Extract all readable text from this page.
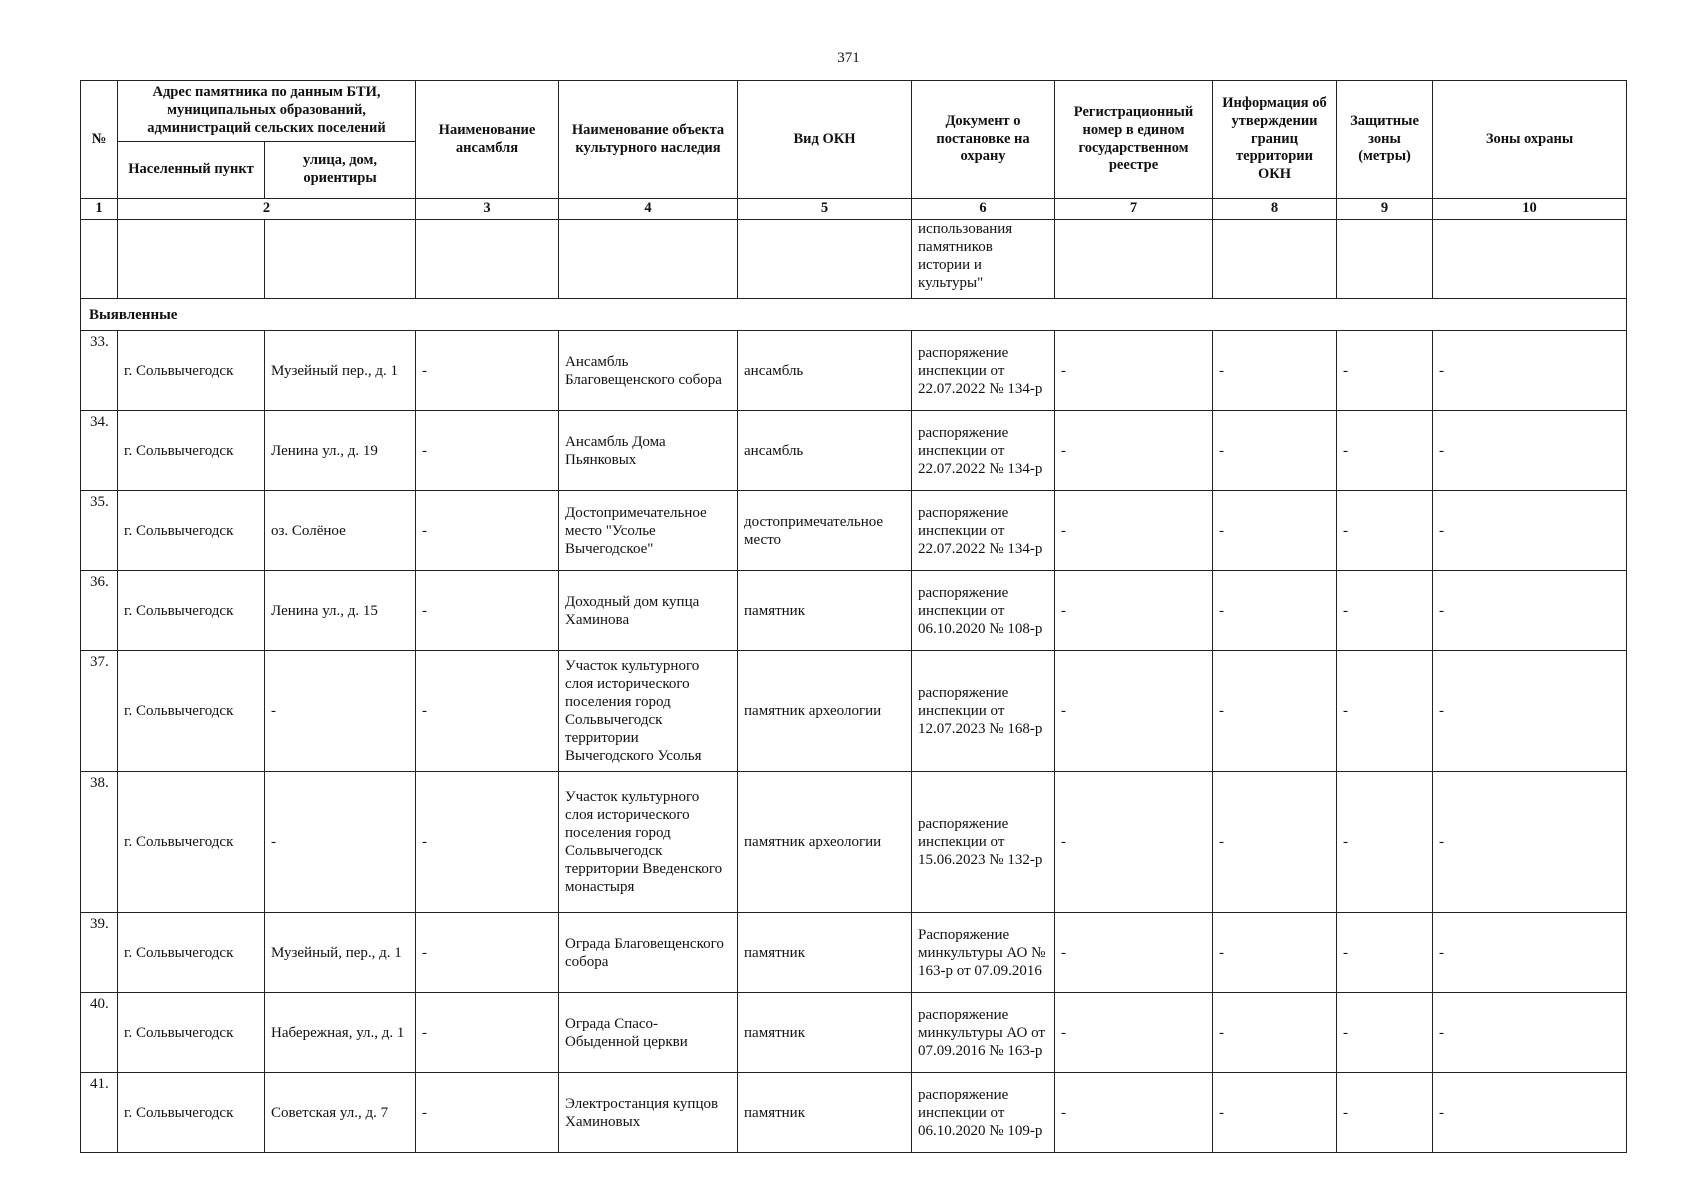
371
№	Адрес памятника по данным БТИ, муниципальных образований, администраций сельских поселений		Наименование ансамбля	Наименование объекта культурного наследия	Вид ОКН	Документ о постановке на охрану	Регистрационный номер в едином государственном реестре	Информация об утверждении границ территории ОКН	Защитные зоны (метры)	Зоны охраны
	Населенный пункт	улица, дом, ориентиры								
1	2		3	4	5	6	7	8	9	10
						использования памятников истории и культуры"				
Выявленные										

33.	г. Сольвычегодск	Музейный пер., д. 1	-	Ансамбль Благовещенского собора	ансамбль	распоряжение инспекции от 22.07.2022 № 134-р	-	-	-	-

34.	г. Сольвычегодск	Ленина ул., д. 19	-	Ансамбль Дома Пьянковых	ансамбль	распоряжение инспекции от 22.07.2022 № 134-р	-	-	-	-

35.	г. Сольвычегодск	оз. Солёное	-	Достопримечательное место "Усолье Вычегодское"	достопримечательное место	распоряжение инспекции от 22.07.2022 № 134-р	-	-	-	-

36.	г. Сольвычегодск	Ленина ул., д. 15	-	Доходный дом купца Хаминова	памятник	распоряжение инспекции от 06.10.2020 № 108-р	-	-	-	-

37.	г. Сольвычегодск	-	-	Участок культурного слоя исторического поселения город Сольвычегодск территории Вычегодского Усолья	памятник археологии	распоряжение инспекции от 12.07.2023 № 168-р	-	-	-	-

38.	г. Сольвычегодск	-	-	Участок культурного слоя исторического поселения город Сольвычегодск территории Введенского монастыря	памятник археологии	распоряжение инспекции от 15.06.2023 № 132-р	-	-	-	-

39.	г. Сольвычегодск	Музейный, пер., д. 1	-	Ограда Благовещенского собора	памятник	Распоряжение минкультуры АО № 163-р от 07.09.2016	-	-	-	-

40.	г. Сольвычегодск	Набережная, ул., д. 1	-	Ограда Спасо-Обыденной церкви	памятник	распоряжение минкультуры АО от 07.09.2016 № 163-р	-	-	-	-

41.	г. Сольвычегодск	Советская ул., д. 7	-	Электростанция купцов Хаминовых	памятник	распоряжение инспекции от 06.10.2020 № 109-р	-	-	-	-
